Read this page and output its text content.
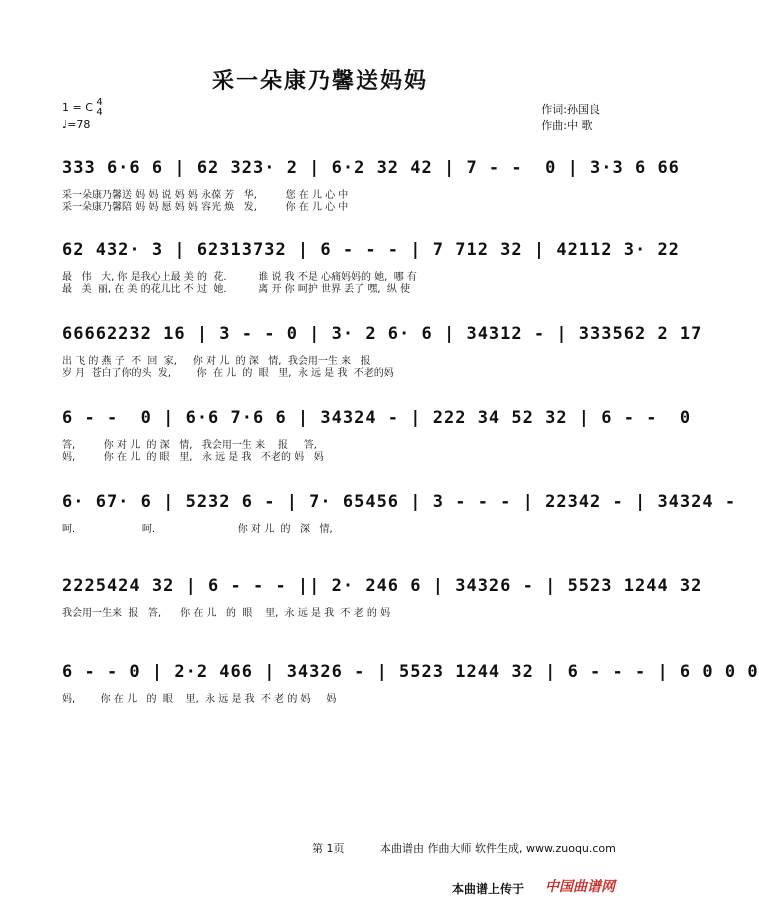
采一朵康乃馨送妈妈
1 = C 4
4
♩=78
作词:孙国良
作曲:中 歌
333 6·6 6 | 62 323· 2 | 6·2 32 42 | 7 - -  0 | 3·3 6 66
采一朵康乃馨送 妈 妈 说 妈 妈 永葆 芳   华,         您 在 儿 心 中
采一朵康乃馨陪 妈 妈 愿 妈 妈 容光 焕   发,         你 在 儿 心 中
62 432· 3 | 62313732 | 6 - - - | 7 712 32 | 42112 3· 22
最   伟   大, 你 是我心上最 美 的  花.          谁 说 我 不是 心痛妈妈的 她,  哪 有
最   美  丽, 在 美 的花儿比 不 过  她.          离 开 你 呵护 世界 丢了 嘿,  纵 使
66662232 16 | 3 - - 0 | 3· 2 6· 6 | 34312 - | 333562 2 17
出 飞 的 燕 子  不  回  家,     你 对 儿  的 深   情,  我会用一生 来   报
岁 月  苍白了你的头  发,        你  在 儿  的  眼   里,  永 远 是 我  不老的妈
6 - -  0 | 6·6 7·6 6 | 34324 - | 222 34 52 32 | 6 - -  0
答,         你 对 儿  的 深   情,   我会用一生 来    报     答,
妈,         你 在 儿  的 眼   里,   永 远 是 我   不老的 妈   妈
6· 67· 6 | 5232 6 - | 7· 65456 | 3 - - - | 22342 - | 34324 -
呵.                     呵.                          你 对 儿  的   深   情,
2225424 32 | 6 - - - || 2· 246 6 | 34326 - | 5523 1244 32
我会用一生来  报   答,      你 在 儿   的  眼    里,  永 远 是 我  不 老 的 妈
6 - - 0 | 2·2 466 | 34326 - | 5523 1244 32 | 6 - - - | 6 0 0 0
妈,        你 在 儿   的  眼    里,  永 远 是 我  不 老 的 妈     妈
第 1页	本曲谱由 作曲大师 软件生成, www.zuoqu.com
本曲谱上传于 中国曲谱网
